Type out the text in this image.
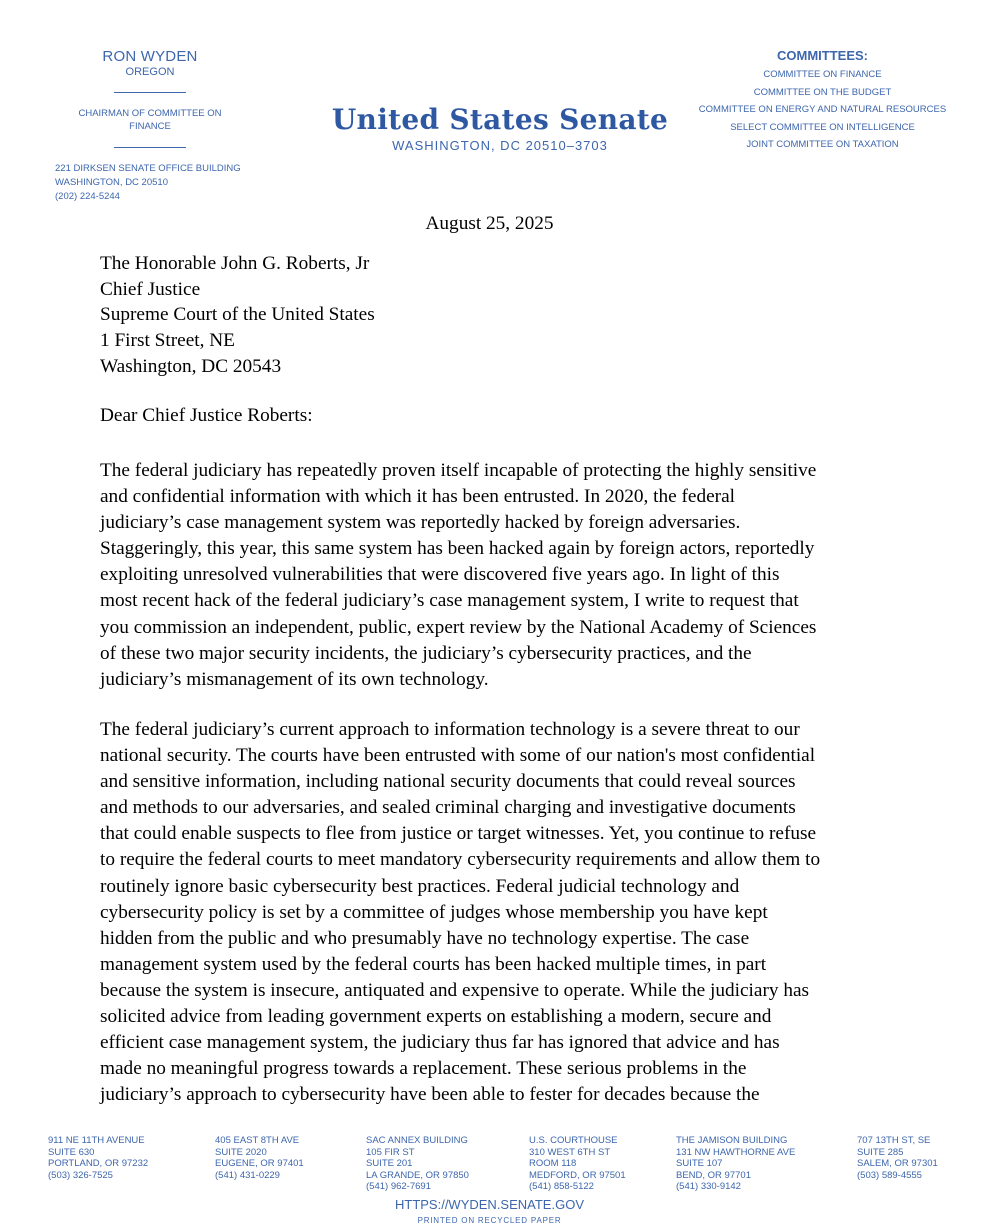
RON WYDEN
OREGON
CHAIRMAN OF COMMITTEE ON
FINANCE
221 DIRKSEN SENATE OFFICE BUILDING
WASHINGTON, DC 20510
(202) 224-5244
United States Senate
WASHINGTON, DC 20510–3703
COMMITTEES:
COMMITTEE ON FINANCE
COMMITTEE ON THE BUDGET
COMMITTEE ON ENERGY AND NATURAL RESOURCES
SELECT COMMITTEE ON INTELLIGENCE
JOINT COMMITTEE ON TAXATION
August 25, 2025
The Honorable John G. Roberts, Jr
Chief Justice
Supreme Court of the United States
1 First Street, NE
Washington, DC 20543
Dear Chief Justice Roberts:
The federal judiciary has repeatedly proven itself incapable of protecting the highly sensitive
and confidential information with which it has been entrusted. In 2020, the federal
judiciary’s case management system was reportedly hacked by foreign adversaries.
Staggeringly, this year, this same system has been hacked again by foreign actors, reportedly
exploiting unresolved vulnerabilities that were discovered five years ago. In light of this
most recent hack of the federal judiciary’s case management system, I write to request that
you commission an independent, public, expert review by the National Academy of Sciences
of these two major security incidents, the judiciary’s cybersecurity practices, and the
judiciary’s mismanagement of its own technology.
The federal judiciary’s current approach to information technology is a severe threat to our
national security. The courts have been entrusted with some of our nation's most confidential
and sensitive information, including national security documents that could reveal sources
and methods to our adversaries, and sealed criminal charging and investigative documents
that could enable suspects to flee from justice or target witnesses. Yet, you continue to refuse
to require the federal courts to meet mandatory cybersecurity requirements and allow them to
routinely ignore basic cybersecurity best practices. Federal judicial technology and
cybersecurity policy is set by a committee of judges whose membership you have kept
hidden from the public and who presumably have no technology expertise. The case
management system used by the federal courts has been hacked multiple times, in part
because the system is insecure, antiquated and expensive to operate. While the judiciary has
solicited advice from leading government experts on establishing a modern, secure and
efficient case management system, the judiciary thus far has ignored that advice and has
made no meaningful progress towards a replacement. These serious problems in the
judiciary’s approach to cybersecurity have been able to fester for decades because the
911 NE 11TH AVENUE
SUITE 630
PORTLAND, OR 97232
(503) 326-7525
405 EAST 8TH AVE
SUITE 2020
EUGENE, OR 97401
(541) 431-0229
SAC ANNEX BUILDING
105 FIR ST
SUITE 201
LA GRANDE, OR 97850
(541) 962-7691
U.S. COURTHOUSE
310 WEST 6TH ST
ROOM 118
MEDFORD, OR 97501
(541) 858-5122
THE JAMISON BUILDING
131 NW HAWTHORNE AVE
SUITE 107
BEND, OR 97701
(541) 330-9142
707 13TH ST, SE
SUITE 285
SALEM, OR 97301
(503) 589-4555
HTTPS://WYDEN.SENATE.GOV
PRINTED ON RECYCLED PAPER
